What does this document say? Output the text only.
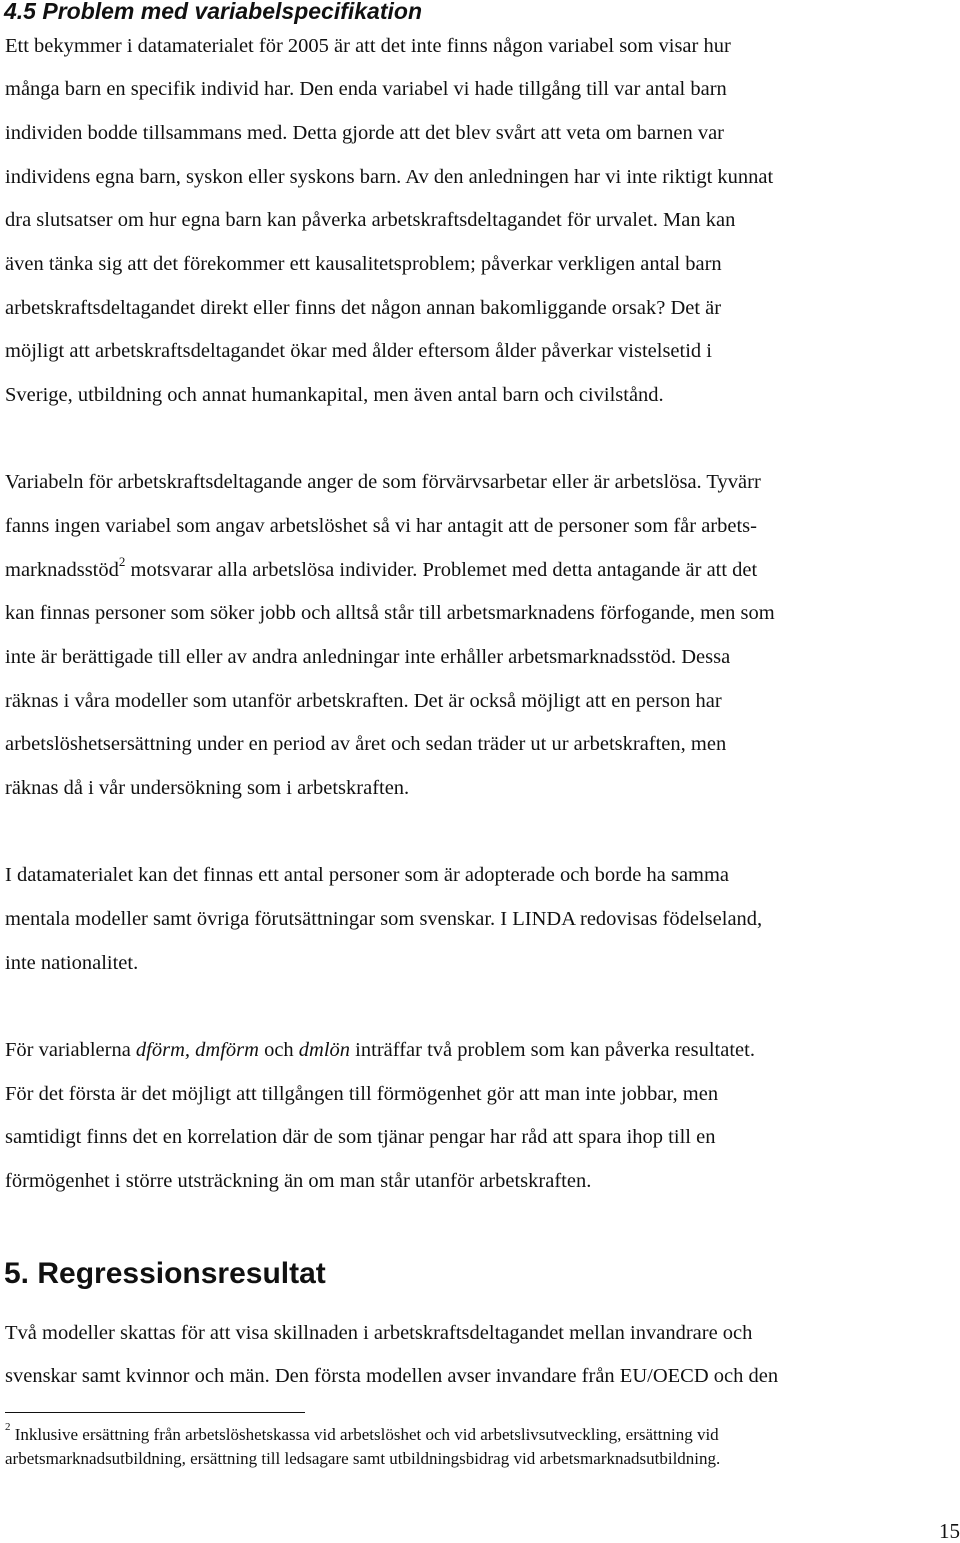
4.5 Problem med variabelspecifikation

Ett bekymmer i datamaterialet för 2005 är att det inte finns någon variabel som visar hur

många barn en specifik individ har. Den enda variabel vi hade tillgång till var antal barn

individen bodde tillsammans med. Detta gjorde att det blev svårt att veta om barnen var

individens egna barn, syskon eller syskons barn. Av den anledningen har vi inte riktigt kunnat

dra slutsatser om hur egna barn kan påverka arbetskraftsdeltagandet för urvalet. Man kan

även tänka sig att det förekommer ett kausalitetsproblem; påverkar verkligen antal barn

arbetskraftsdeltagandet direkt eller finns det någon annan bakomliggande orsak? Det är

möjligt att arbetskraftsdeltagandet ökar med ålder eftersom ålder påverkar vistelsetid i

Sverige, utbildning och annat humankapital, men även antal barn och civilstånd.

Variabeln för arbetskraftsdeltagande anger de som förvärvsarbetar eller är arbetslösa. Tyvärr

fanns ingen variabel som angav arbetslöshet så vi har antagit att de personer som får arbets-

marknadsstöd$^2$ motsvarar alla arbetslösa individer. Problemet med detta antagande är att det

kan finnas personer som söker jobb och alltså står till arbetsmarknadens förfogande, men som

inte är berättigade till eller av andra anledningar inte erhåller arbetsmarknadsstöd. Dessa

räknas i våra modeller som utanför arbetskraften. Det är också möjligt att en person har

arbetslöshetsersättning under en period av året och sedan träder ut ur arbetskraften, men

räknas då i vår undersökning som i arbetskraften.

I datamaterialet kan det finnas ett antal personer som är adopterade och borde ha samma

mentala modeller samt övriga förutsättningar som svenskar. I LINDA redovisas födelseland,

inte nationalitet.

För variablerna dförm, dmförm och dmlön inträffar två problem som kan påverka resultatet.

För det första är det möjligt att tillgången till förmögenhet gör att man inte jobbar, men

samtidigt finns det en korrelation där de som tjänar pengar har råd att spara ihop till en

förmögenhet i större utsträckning än om man står utanför arbetskraften.

5. Regressionsresultat

Två modeller skattas för att visa skillnaden i arbetskraftsdeltagandet mellan invandrare och

svenskar samt kvinnor och män. Den första modellen avser invandare från EU/OECD och den

$^2$ Inklusive ersättning från arbetslöshetskassa vid arbetslöshet och vid arbetslivsutveckling, ersättning vid

arbetsmarknadsutbildning, ersättning till ledsagare samt utbildningsbidrag vid arbetsmarknadsutbildning.

15
